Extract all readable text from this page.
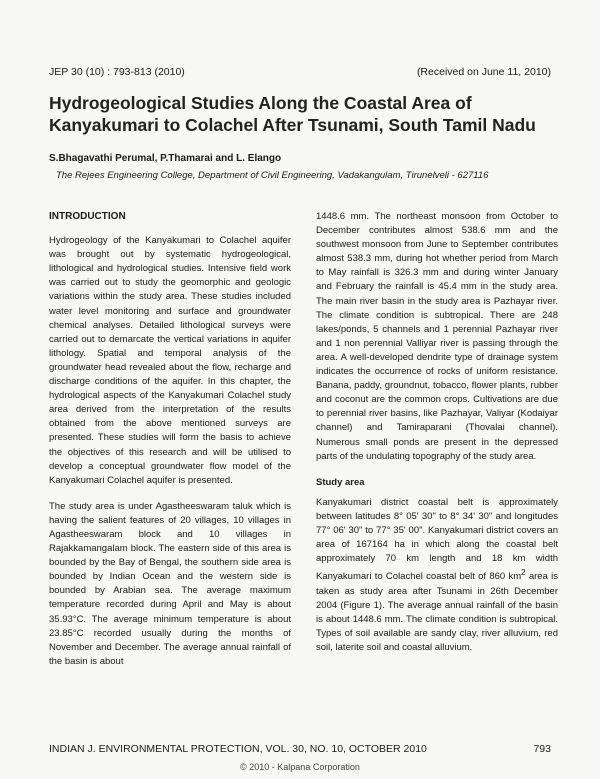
JEP 30 (10) : 793-813 (2010)	(Received on June 11, 2010)
Hydrogeological Studies Along the Coastal Area of Kanyakumari to Colachel After Tsunami, South Tamil Nadu
S.Bhagavathi Perumal, P.Thamarai and L. Elango
The Rejees Engineering College, Department of Civil Engineering, Vadakangulam, Tirunelveli - 627116
INTRODUCTION

Hydrogeology of the Kanyakumari to Colachel aquifer was brought out by systematic hydrogeological, lithological and hydrological studies. Intensive field work was carried out to study the geomorphic and geologic variations within the study area. These studies included water level monitoring and surface and groundwater chemical analyses. Detailed lithological surveys were carried out to demarcate the vertical variations in aquifer lithology. Spatial and temporal analysis of the groundwater head revealed about the flow, recharge and discharge conditions of the aquifer. In this chapter, the hydrological aspects of the Kanyakumari Colachel study area derived from the interpretation of the results obtained from the above mentioned surveys are presented. These studies will form the basis to achieve the objectives of this research and will be utilised to develop a conceptual groundwater flow model of the Kanyakumari Colachel aquifer is presented.

The study area is under Agastheeswaram taluk which is having the salient features of 20 villages, 10 villages in Agastheeswaram block and 10 villages in Rajakkamangalam block. The eastern side of this area is bounded by the Bay of Bengal, the southern side area is bounded by Indian Ocean and the western side is bounded by Arabian sea. The average maximum temperature recorded during April and May is about 35.93°C. The average minimum temperature is about 23.85°C recorded usually during the months of November and December. The average annual rainfall of the basin is about

1448.6 mm. The northeast monsoon from October to December contributes almost 538.6 mm and the southwest monsoon from June to September contributes almost 538.3 mm, during hot whether period from March to May rainfall is 326.3 mm and during winter January and February the rainfall is 45.4 mm in the study area. The main river basin in the study area is Pazhayar river. The climate condition is subtropical. There are 248 lakes/ponds, 5 channels and 1 perennial Pazhayar river and 1 non perennial Valliyar river is passing through the area. A well-developed dendrite type of drainage system indicates the occurrence of rocks of uniform resistance. Banana, paddy, groundnut, tobacco, flower plants, rubber and coconut are the common crops. Cultivations are due to perennial river basins, like Pazhayar, Valiyar (Kodaiyar channel) and Tamiraparani (Thovalai channel). Numerous small ponds are present in the depressed parts of the undulating topography of the study area.

Study area

Kanyakumari district coastal belt is approximately between latitudes 8° 05' 30" to 8° 34' 30" and longitudes 77° 06' 30" to 77° 35' 00". Kanyakumari district covers an area of 167164 ha in which along the coastal belt approximately 70 km length and 18 km width Kanyakumari to Colachel coastal belt of 860 $km^2$ area is taken as study area after Tsunami in 26th December 2004 (Figure 1). The average annual rainfall of the basin is about 1448.6 mm. The climate condition is subtropical. Types of soil available are sandy clay, river alluvium, red soil, laterite soil and coastal alluvium.

INDIAN J. ENVIRONMENTAL PROTECTION, VOL. 30, NO. 10, OCTOBER 2010	793
© 2010 - Kalpana Corporation
